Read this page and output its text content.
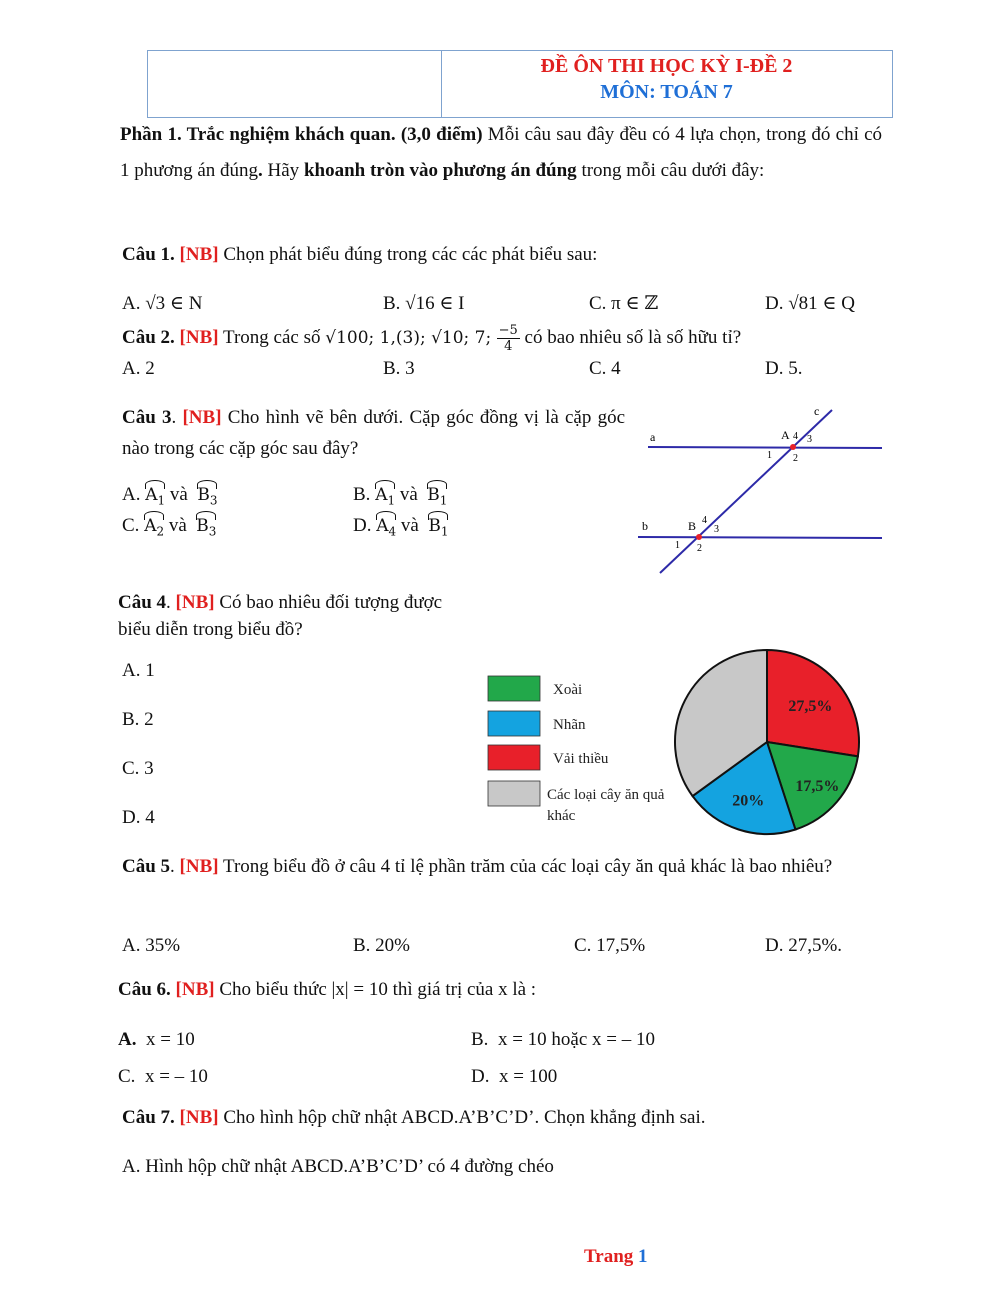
ĐỀ ÔN THI HỌC KỲ I-ĐỀ 2
MÔN: TOÁN 7
Phần 1. Trắc nghiệm khách quan. (3,0 điểm) Mỗi câu sau đây đều có 4 lựa chọn, trong đó chỉ có 1 phương án đúng. Hãy khoanh tròn vào phương án đúng trong mỗi câu dưới đây:
Câu 1. [NB] Chọn phát biểu đúng trong các các phát biểu sau:
A. √3 ∈ N	B. √16 ∈ I	C. π ∈ ℤ	D. √81 ∈ Q
Câu 2. [NB] Trong các số √100; 1,(3); √10; 7; $\frac{-5}{4}$ có bao nhiêu số là số hữu tỉ?
A. 2	B. 3	C. 4	D. 5.
Câu 3. [NB] Cho hình vẽ bên dưới. Cặp góc đồng vị là cặp góc nào trong các cặp góc sau đây?
A. $A_1$ và $B_3$	B. $A_1$ và $B_1$
C. $A_2$ và $B_3$	D. $A_4$ và $B_1$
a
b
c
A
B
1 2
3
4
1 2
3
4
Câu 4. [NB] Có bao nhiêu đối tượng được biểu diễn trong biểu đồ?
A. 1
B. 2
C. 3
D. 4
Xoài
Nhãn
Vải thiều
Các loại cây ăn quả khác
27,5%
17,5%
20%
Câu 5. [NB] Trong biểu đồ ở câu 4 tỉ lệ phần trăm của các loại cây ăn quả khác là bao nhiêu?
A. 35%	B. 20%	C. 17,5%	D. 27,5%.
Câu 6. [NB] Cho biểu thức |x| = 10 thì giá trị của x là :
A. x = 10	B. x = 10 hoặc x = – 10
C. x = – 10	D. x = 100
Câu 7. [NB] Cho hình hộp chữ nhật ABCD.A’B’C’D’. Chọn khẳng định sai.
A. Hình hộp chữ nhật ABCD.A’B’C’D’ có 4 đường chéo
Trang 1
